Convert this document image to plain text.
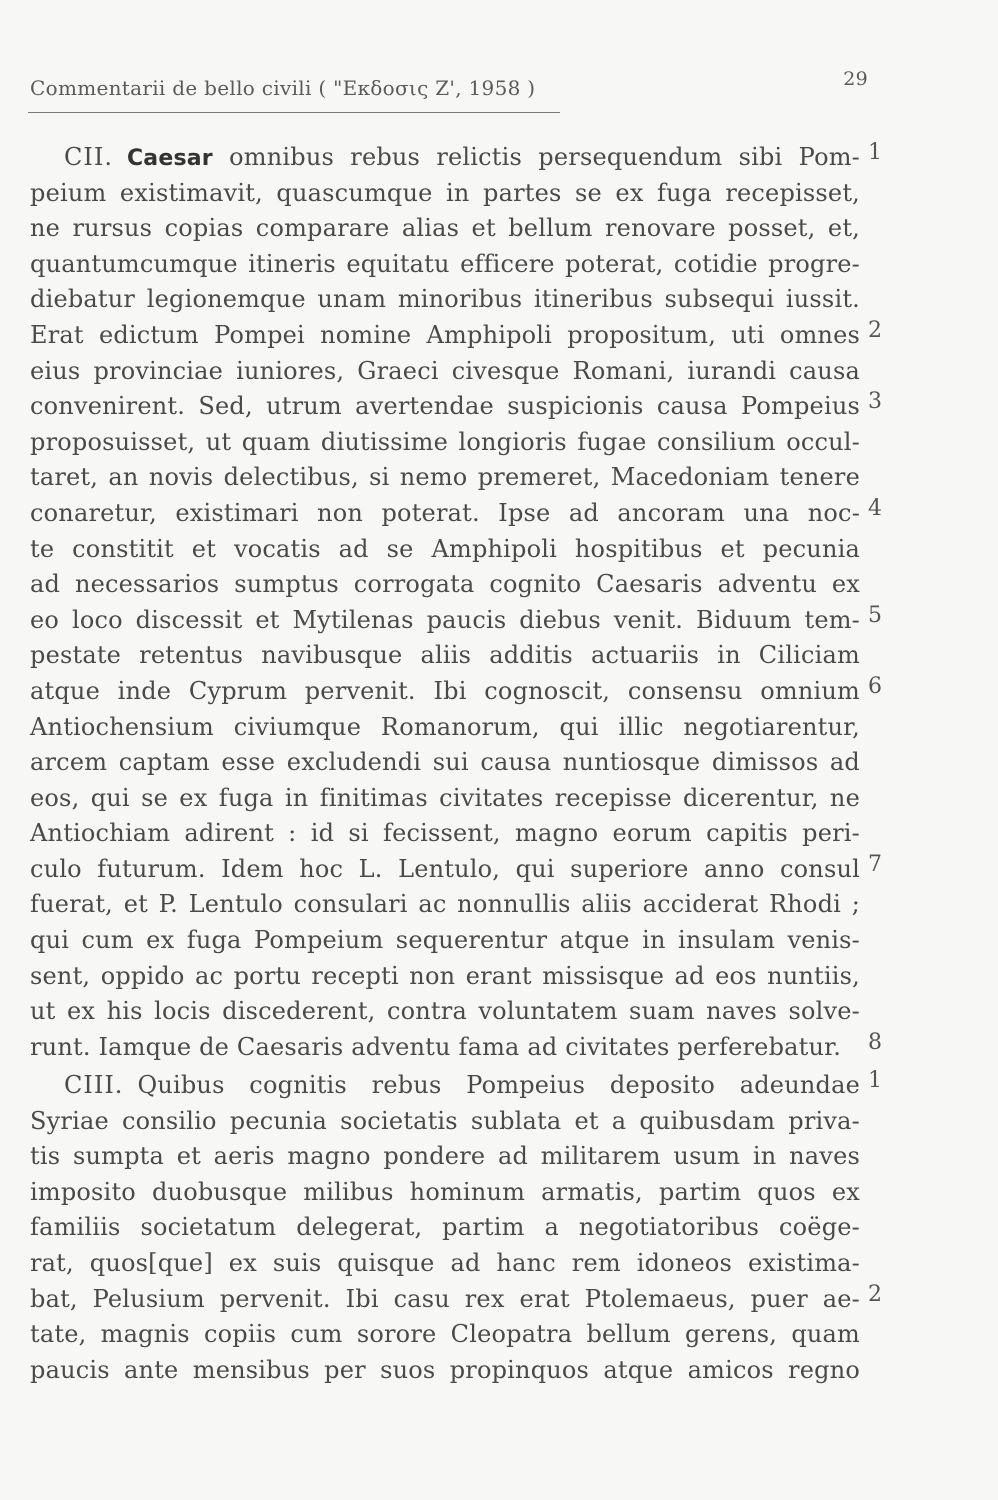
Commentarii de bello civili ( "Εκδοσις Z', 1958 )	29
CII. Caesar omnibus rebus relictis persequendum sibi Pom-
peium existimavit, quascumque in partes se ex fuga recepisset,
ne rursus copias comparare alias et bellum renovare posset, et,
quantumcumque itineris equitatu efficere poterat, cotidie progre-
diebatur legionemque unam minoribus itineribus subsequi iussit.
Erat edictum Pompei nomine Amphipoli propositum, uti omnes
eius provinciae iuniores, Graeci civesque Romani, iurandi causa
convenirent. Sed, utrum avertendae suspicionis causa Pompeius
proposuisset, ut quam diutissime longioris fugae consilium occul-
taret, an novis delectibus, si nemo premeret, Macedoniam tenere
conaretur, existimari non poterat. Ipse ad ancoram una noc-
te constitit et vocatis ad se Amphipoli hospitibus et pecunia
ad necessarios sumptus corrogata cognito Caesaris adventu ex
eo loco discessit et Mytilenas paucis diebus venit. Biduum tem-
pestate retentus navibusque aliis additis actuariis in Ciliciam
atque inde Cyprum pervenit. Ibi cognoscit, consensu omnium
Antiochensium civiumque Romanorum, qui illic negotiarentur,
arcem captam esse excludendi sui causa nuntiosque dimissos ad
eos, qui se ex fuga in finitimas civitates recepisse dicerentur, ne
Antiochiam adirent : id si fecissent, magno eorum capitis peri-
culo futurum. Idem hoc L. Lentulo, qui superiore anno consul
fuerat, et P. Lentulo consulari ac nonnullis aliis acciderat Rhodi ;
qui cum ex fuga Pompeium sequerentur atque in insulam venis-
sent, oppido ac portu recepti non erant missisque ad eos nuntiis,
ut ex his locis discederent, contra voluntatem suam naves solve-
runt. Iamque de Caesaris adventu fama ad civitates perferebatur.
1
2
3
4
5
6
7
8
CIII. Quibus cognitis rebus Pompeius deposito adeundae
Syriae consilio pecunia societatis sublata et a quibusdam priva-
tis sumpta et aeris magno pondere ad militarem usum in naves
imposito duobusque milibus hominum armatis, partim quos ex
familiis societatum delegerat, partim a negotiatoribus coëge-
rat, quos[que] ex suis quisque ad hanc rem idoneos existima-
bat, Pelusium pervenit. Ibi casu rex erat Ptolemaeus, puer ae-
tate, magnis copiis cum sorore Cleopatra bellum gerens, quam
paucis ante mensibus per suos propinquos atque amicos regno
1
2
